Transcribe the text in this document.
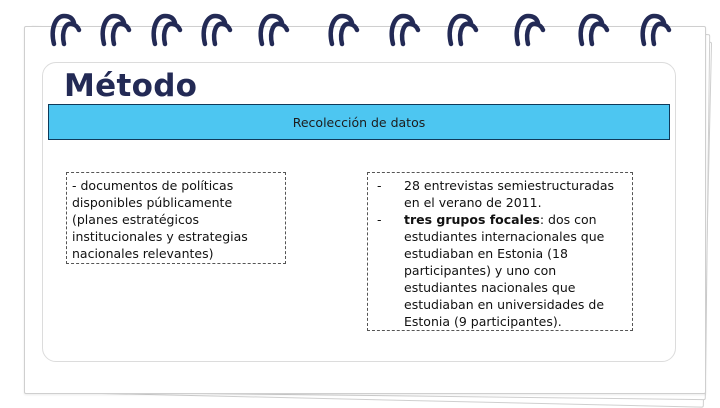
Método
Recolección de datos
- documentos de políticas disponibles públicamente (planes estratégicos institucionales y estrategias nacionales relevantes)
-	28 entrevistas semiestructuradas en el verano de 2011.
-	tres grupos focales: dos con estudiantes internacionales que estudiaban en Estonia (18 participantes) y uno con estudiantes nacionales que estudiaban en universidades de Estonia (9 participantes).
